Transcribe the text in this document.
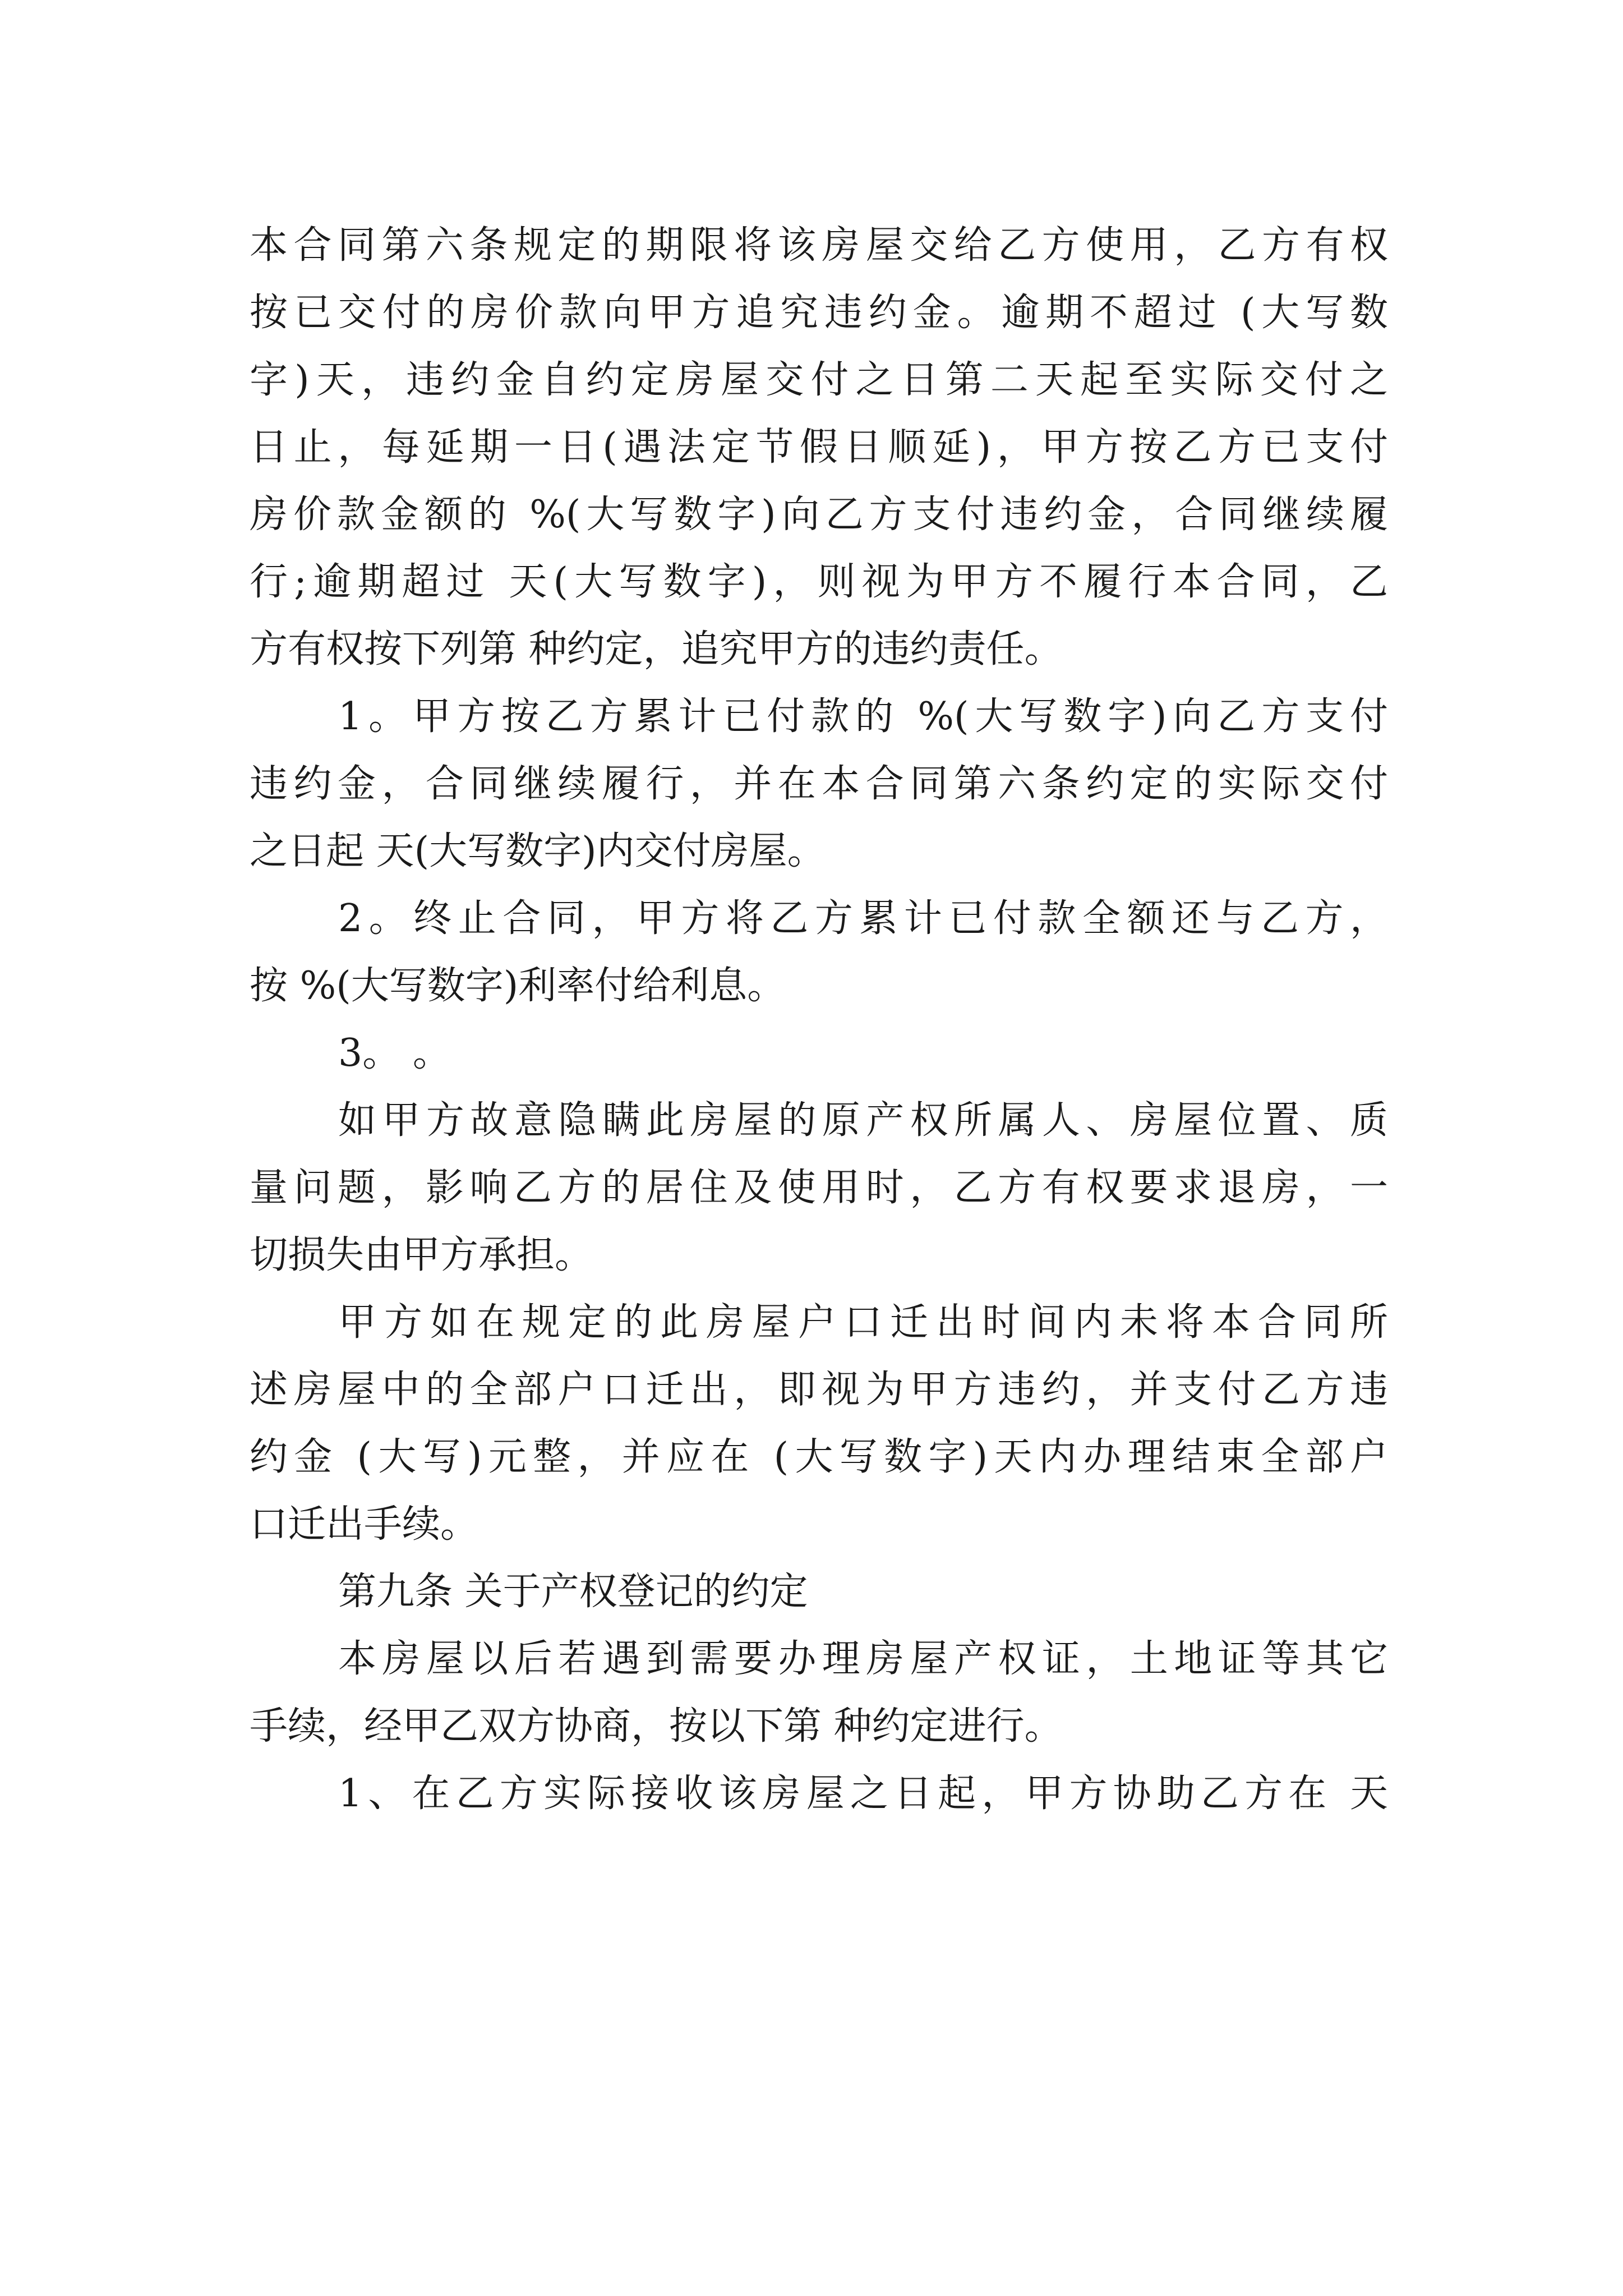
本合同第六条规定的期限将该房屋交给乙方使用，乙方有权
按已交付的房价款向甲方追究违约金。逾期不超过 (大写数
字)天，违约金自约定房屋交付之日第二天起至实际交付之
日止，每延期一日(遇法定节假日顺延)，甲方按乙方已支付
房价款金额的 %(大写数字)向乙方支付违约金，合同继续履
行;逾期超过 天(大写数字)，则视为甲方不履行本合同，乙
方有权按下列第 种约定，追究甲方的违约责任。
1。甲方按乙方累计已付款的 %(大写数字)向乙方支付
违约金，合同继续履行，并在本合同第六条约定的实际交付
之日起 天(大写数字)内交付房屋。
2。终止合同，甲方将乙方累计已付款全额还与乙方，
按 %(大写数字)利率付给利息。
3。 。
如甲方故意隐瞒此房屋的原产权所属人、房屋位置、质
量问题，影响乙方的居住及使用时，乙方有权要求退房，一
切损失由甲方承担。
甲方如在规定的此房屋户口迁出时间内未将本合同所
述房屋中的全部户口迁出，即视为甲方违约，并支付乙方违
约金 (大写)元整，并应在 (大写数字)天内办理结束全部户
口迁出手续。
第九条 关于产权登记的约定
本房屋以后若遇到需要办理房屋产权证，土地证等其它
手续，经甲乙双方协商，按以下第 种约定进行。
1、在乙方实际接收该房屋之日起，甲方协助乙方在 天
